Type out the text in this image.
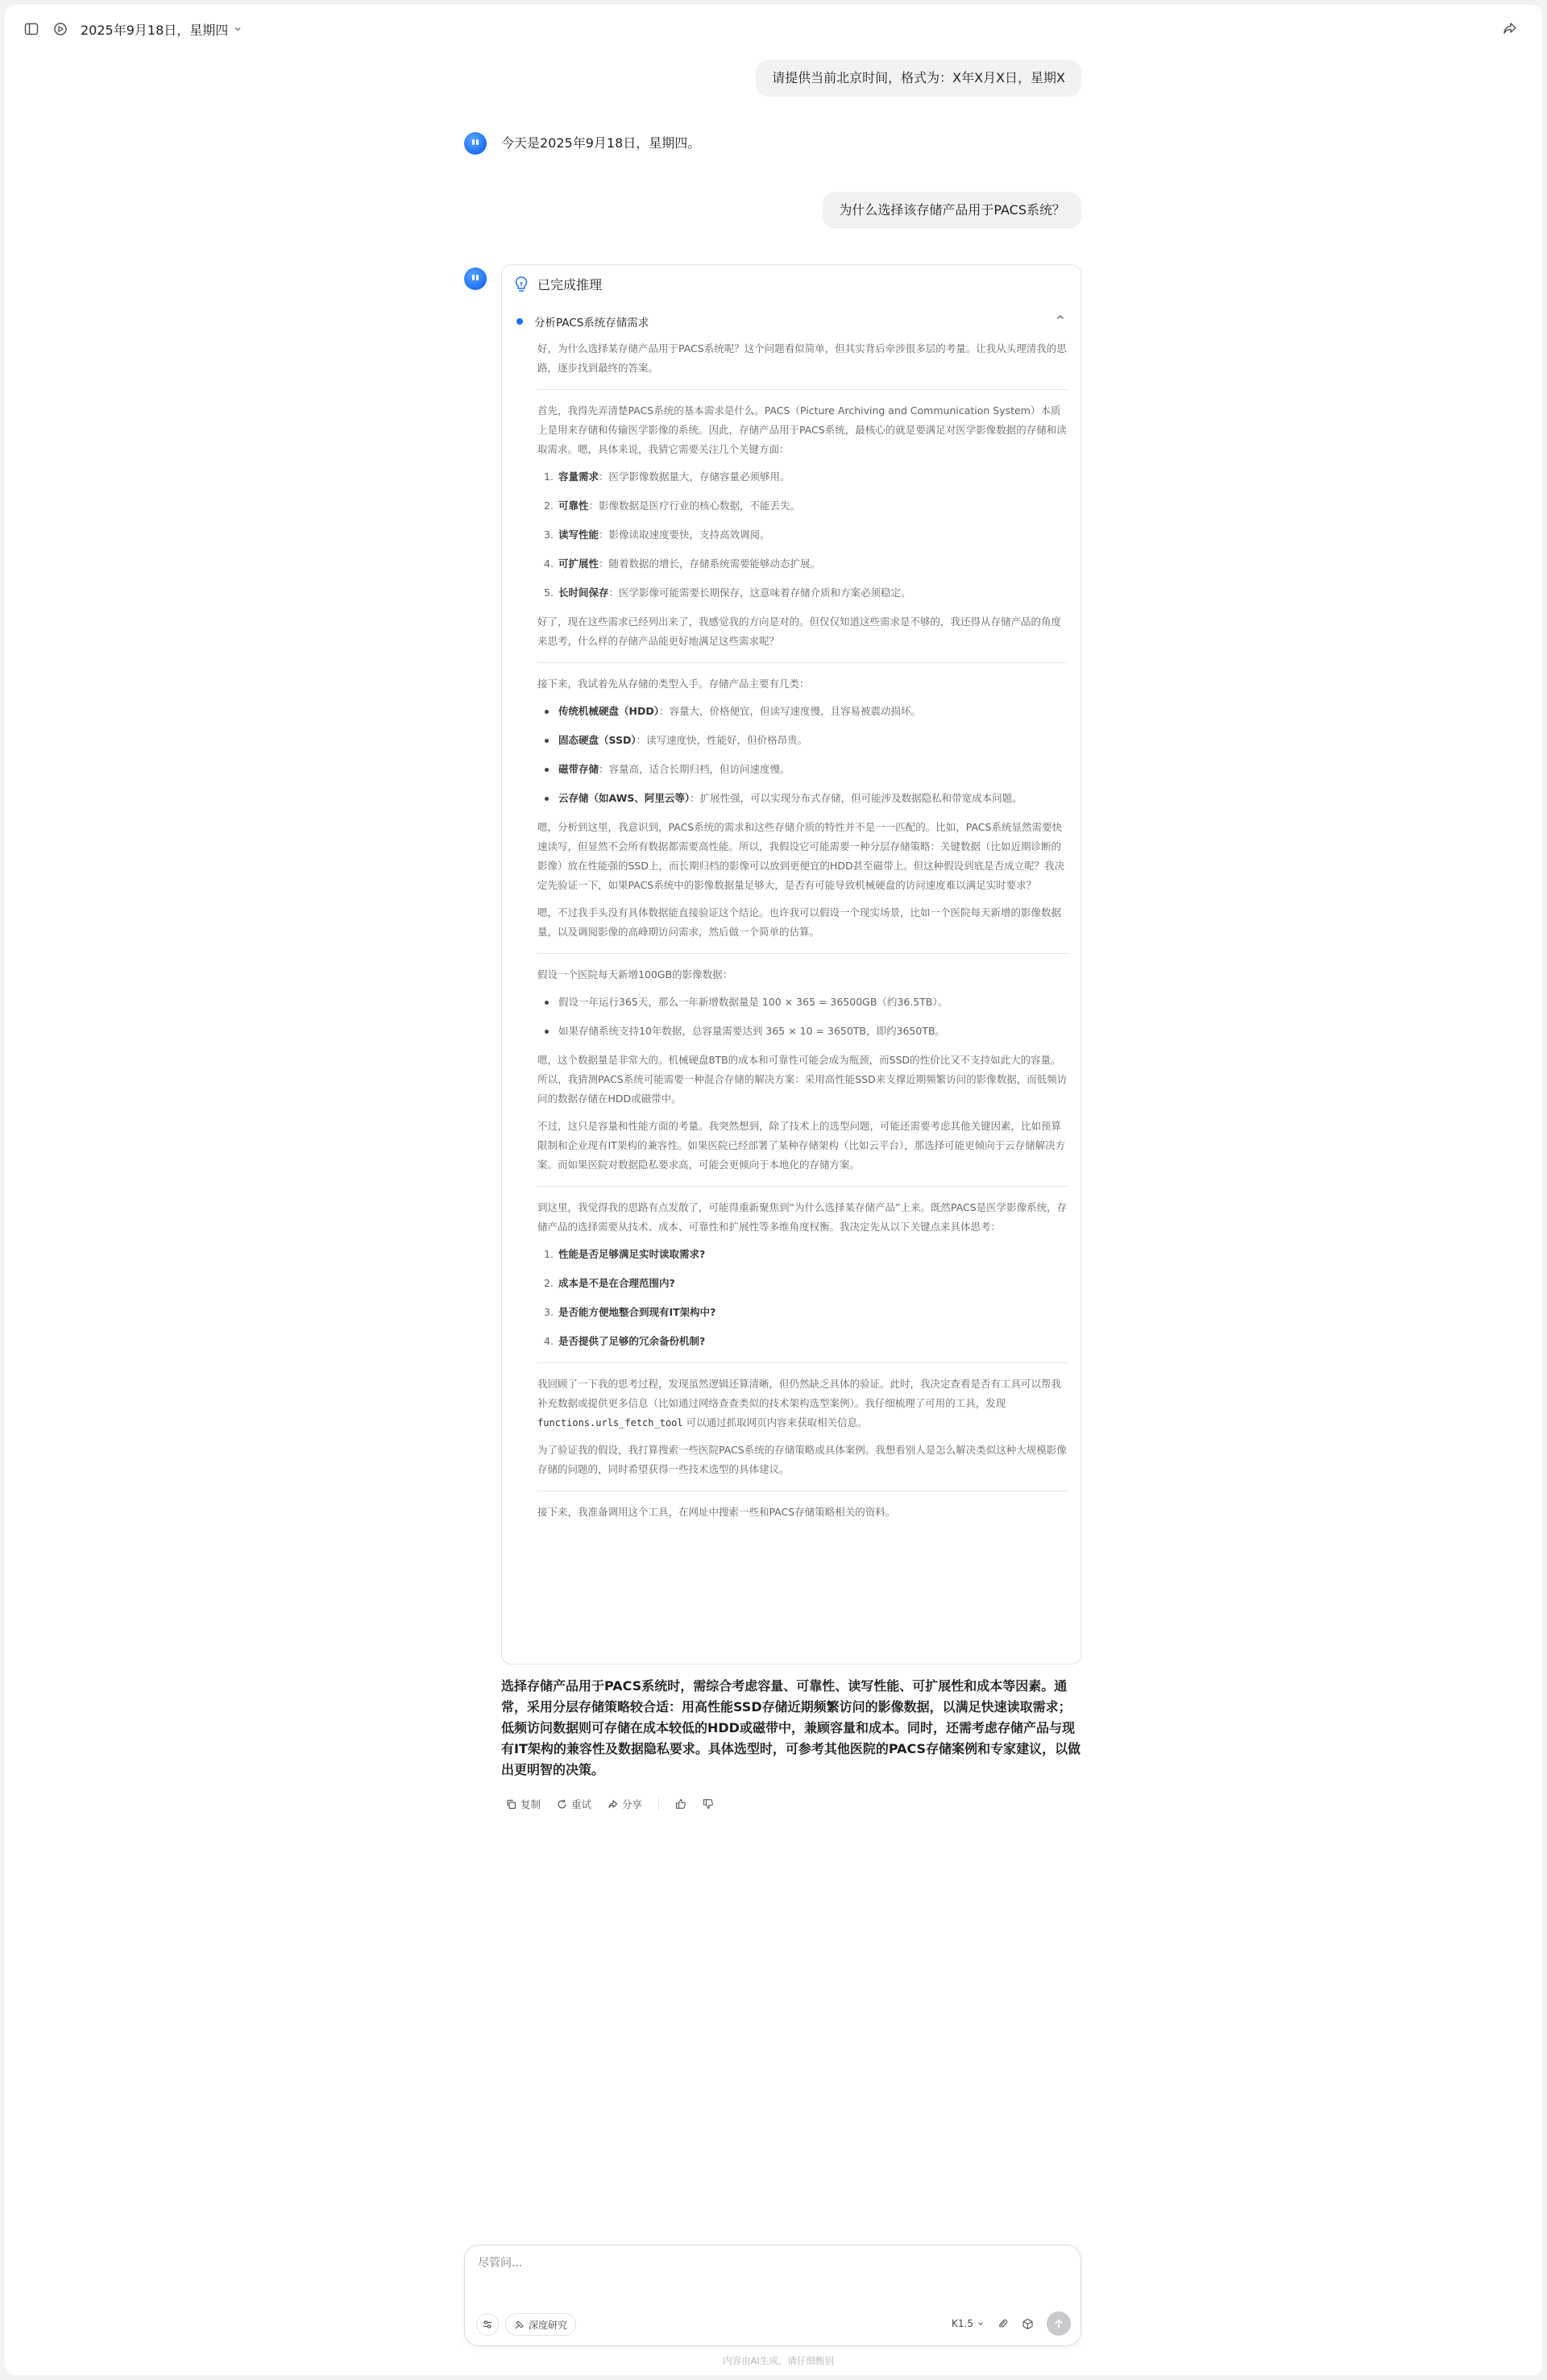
2025年9月18日，星期四
请提供当前北京时间，格式为：X年X月X日，星期X
今天是2025年9月18日，星期四。
为什么选择该存储产品用于PACS系统？
已完成推理
分析PACS系统存储需求

好，为什么选择某存储产品用于PACS系统呢？这个问题看似简单，但其实背后牵涉很多层的考量。让我从头理清我的思路，逐步找到最终的答案。

首先，我得先弄清楚PACS系统的基本需求是什么。PACS（Picture Archiving and Communication System）本质上是用来存储和传输医学影像的系统。因此，存储产品用于PACS系统，最核心的就是要满足对医学影像数据的存储和读取需求。嗯，具体来说，我猜它需要关注几个关键方面：

1. 容量需求：医学影像数据量大，存储容量必须够用。
2. 可靠性：影像数据是医疗行业的核心数据，不能丢失。
3. 读写性能：影像读取速度要快，支持高效调阅。
4. 可扩展性：随着数据的增长，存储系统需要能够动态扩展。
5. 长时间保存：医学影像可能需要长期保存，这意味着存储介质和方案必须稳定。

好了，现在这些需求已经列出来了，我感觉我的方向是对的。但仅仅知道这些需求是不够的，我还得从存储产品的角度来思考，什么样的存储产品能更好地满足这些需求呢？

接下来，我试着先从存储的类型入手。存储产品主要有几类：

传统机械硬盘（HDD）：容量大，价格便宜，但读写速度慢，且容易被震动损坏。
固态硬盘（SSD）：读写速度快，性能好，但价格昂贵。
磁带存储：容量高，适合长期归档，但访问速度慢。
云存储（如AWS、阿里云等）：扩展性强，可以实现分布式存储，但可能涉及数据隐私和带宽成本问题。

嗯，分析到这里，我意识到，PACS系统的需求和这些存储介质的特性并不是一一匹配的。比如，PACS系统显然需要快速读写，但显然不会所有数据都需要高性能。所以，我假设它可能需要一种分层存储策略：关键数据（比如近期诊断的影像）放在性能强的SSD上，而长期归档的影像可以放到更便宜的HDD甚至磁带上。但这种假设到底是否成立呢？我决定先验证一下，如果PACS系统中的影像数据量足够大，是否有可能导致机械硬盘的访问速度难以满足实时要求？

嗯，不过我手头没有具体数据能直接验证这个结论。也许我可以假设一个现实场景，比如一个医院每天新增的影像数据量，以及调阅影像的高峰期访问需求，然后做一个简单的估算。

假设一个医院每天新增100GB的影像数据：

假设一年运行365天，那么一年新增数据量是 100 × 365 = 36500GB（约36.5TB）。
如果存储系统支持10年数据，总容量需要达到 365 × 10 = 3650TB，即约3650TB。

嗯，这个数据量是非常大的。机械硬盘8TB的成本和可靠性可能会成为瓶颈，而SSD的性价比又不支持如此大的容量。所以，我猜测PACS系统可能需要一种混合存储的解决方案：采用高性能SSD来支撑近期频繁访问的影像数据，而低频访问的数据存储在HDD或磁带中。

不过，这只是容量和性能方面的考量。我突然想到，除了技术上的选型问题，可能还需要考虑其他关键因素，比如预算限制和企业现有IT架构的兼容性。如果医院已经部署了某种存储架构（比如云平台），那选择可能更倾向于云存储解决方案。而如果医院对数据隐私要求高，可能会更倾向于本地化的存储方案。

到这里，我觉得我的思路有点发散了，可能得重新聚焦到“为什么选择某存储产品”上来。既然PACS是医学影像系统，存储产品的选择需要从技术、成本、可靠性和扩展性等多维角度权衡。我决定先从以下关键点来具体思考：

1. 性能是否足够满足实时读取需求?
2. 成本是不是在合理范围内?
3. 是否能方便地整合到现有IT架构中?
4. 是否提供了足够的冗余备份机制?

我回顾了一下我的思考过程，发现虽然逻辑还算清晰，但仍然缺乏具体的验证。此时，我决定查看是否有工具可以帮我补充数据或提供更多信息（比如通过网络查查类似的技术架构选型案例）。我仔细梳理了可用的工具，发现 functions.urls_fetch_tool 可以通过抓取网页内容来获取相关信息。

为了验证我的假设，我打算搜索一些医院PACS系统的存储策略或具体案例。我想看别人是怎么解决类似这种大规模影像存储的问题的，同时希望获得一些技术选型的具体建议。

接下来，我准备调用这个工具，在网址中搜索一些和PACS存储策略相关的资料。

选择存储产品用于PACS系统时，需综合考虑容量、可靠性、读写性能、可扩展性和成本等因素。通常，采用分层存储策略较合适：用高性能SSD存储近期频繁访问的影像数据，以满足快速读取需求；低频访问数据则可存储在成本较低的HDD或磁带中，兼顾容量和成本。同时，还需考虑存储产品与现有IT架构的兼容性及数据隐私要求。具体选型时，可参考其他医院的PACS存储案例和专家建议，以做出更明智的决策。
复制	重试	分享
尽管问...
深度研究	K1.5
内容由AI生成，请仔细甄别
